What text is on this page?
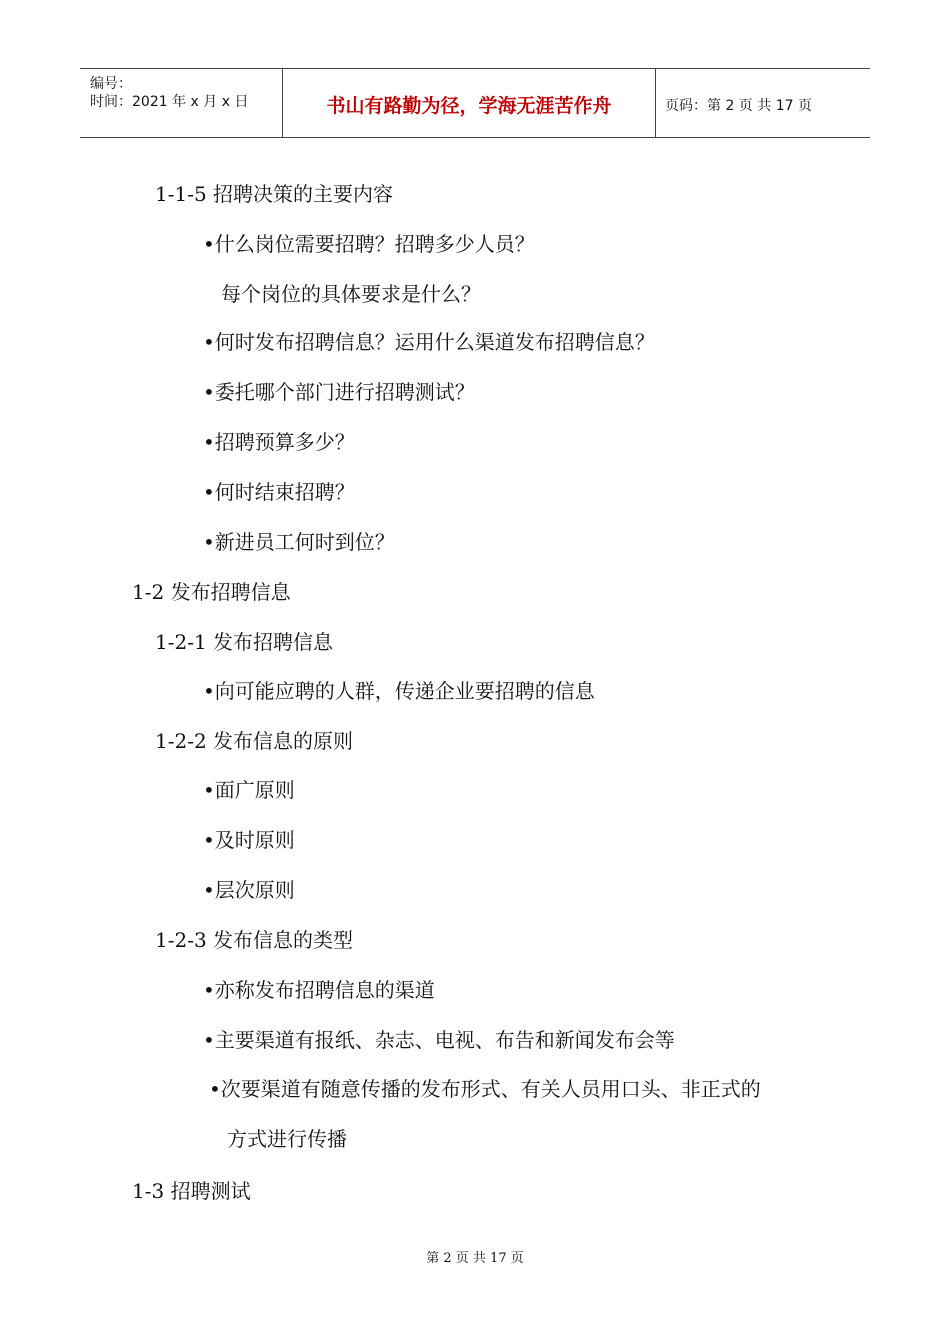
编号：
时间：2021 年 x 月 x 日	书山有路勤为径，学海无涯苦作舟	页码：第 2 页 共 17 页
1-1-5 招聘决策的主要内容
•什么岗位需要招聘？招聘多少人员？
每个岗位的具体要求是什么？
•何时发布招聘信息？运用什么渠道发布招聘信息？
•委托哪个部门进行招聘测试？
•招聘预算多少？
•何时结束招聘？
•新进员工何时到位？
1-2 发布招聘信息
1-2-1 发布招聘信息
•向可能应聘的人群，传递企业要招聘的信息
1-2-2 发布信息的原则
•面广原则
•及时原则
•层次原则
1-2-3 发布信息的类型
•亦称发布招聘信息的渠道
•主要渠道有报纸、杂志、电视、布告和新闻发布会等
•次要渠道有随意传播的发布形式、有关人员用口头、非正式的
方式进行传播
1-3 招聘测试
第 2 页 共 17 页
